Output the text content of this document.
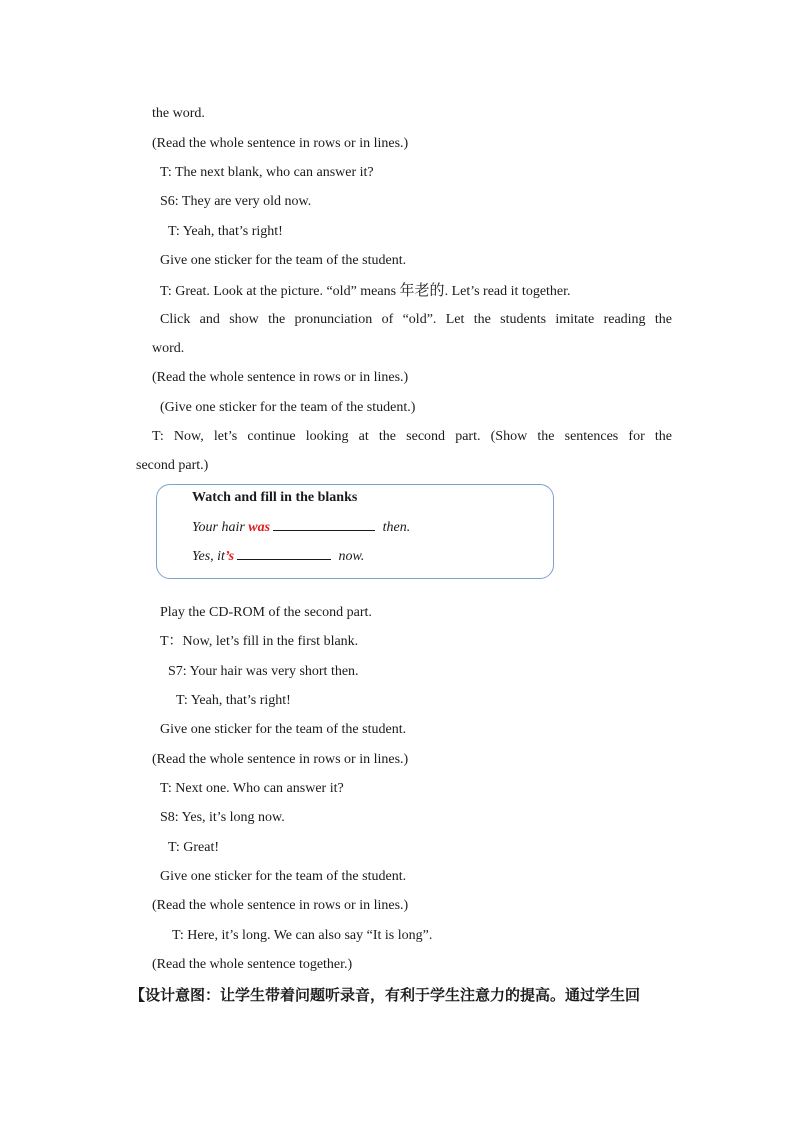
the word.
(Read the whole sentence in rows or in lines.)
T: The next blank, who can answer it?
S6: They are very old now.
T: Yeah, that’s right!
Give one sticker for the team of the student.
T: Great. Look at the picture. “old” means 年老的. Let’s read it together.
Click and show the pronunciation of “old”. Let the students imitate reading the
word.
(Read the whole sentence in rows or in lines.)
(Give one sticker for the team of the student.)
T: Now, let’s continue looking at the second part. (Show the sentences for the
second part.)
Watch and fill in the blanks
Your hair was	then.
Yes, it’s	now.
Play the CD-ROM of the second part.
T：Now, let’s fill in the first blank.
S7: Your hair was very short then.
T: Yeah, that’s right!
Give one sticker for the team of the student.
(Read the whole sentence in rows or in lines.)
T: Next one. Who can answer it?
S8: Yes, it’s long now.
T: Great!
Give one sticker for the team of the student.
(Read the whole sentence in rows or in lines.)
T: Here, it’s long. We can also say “It is long”.
(Read the whole sentence together.)
【设计意图：让学生带着问题听录音，有利于学生注意力的提高。通过学生回
